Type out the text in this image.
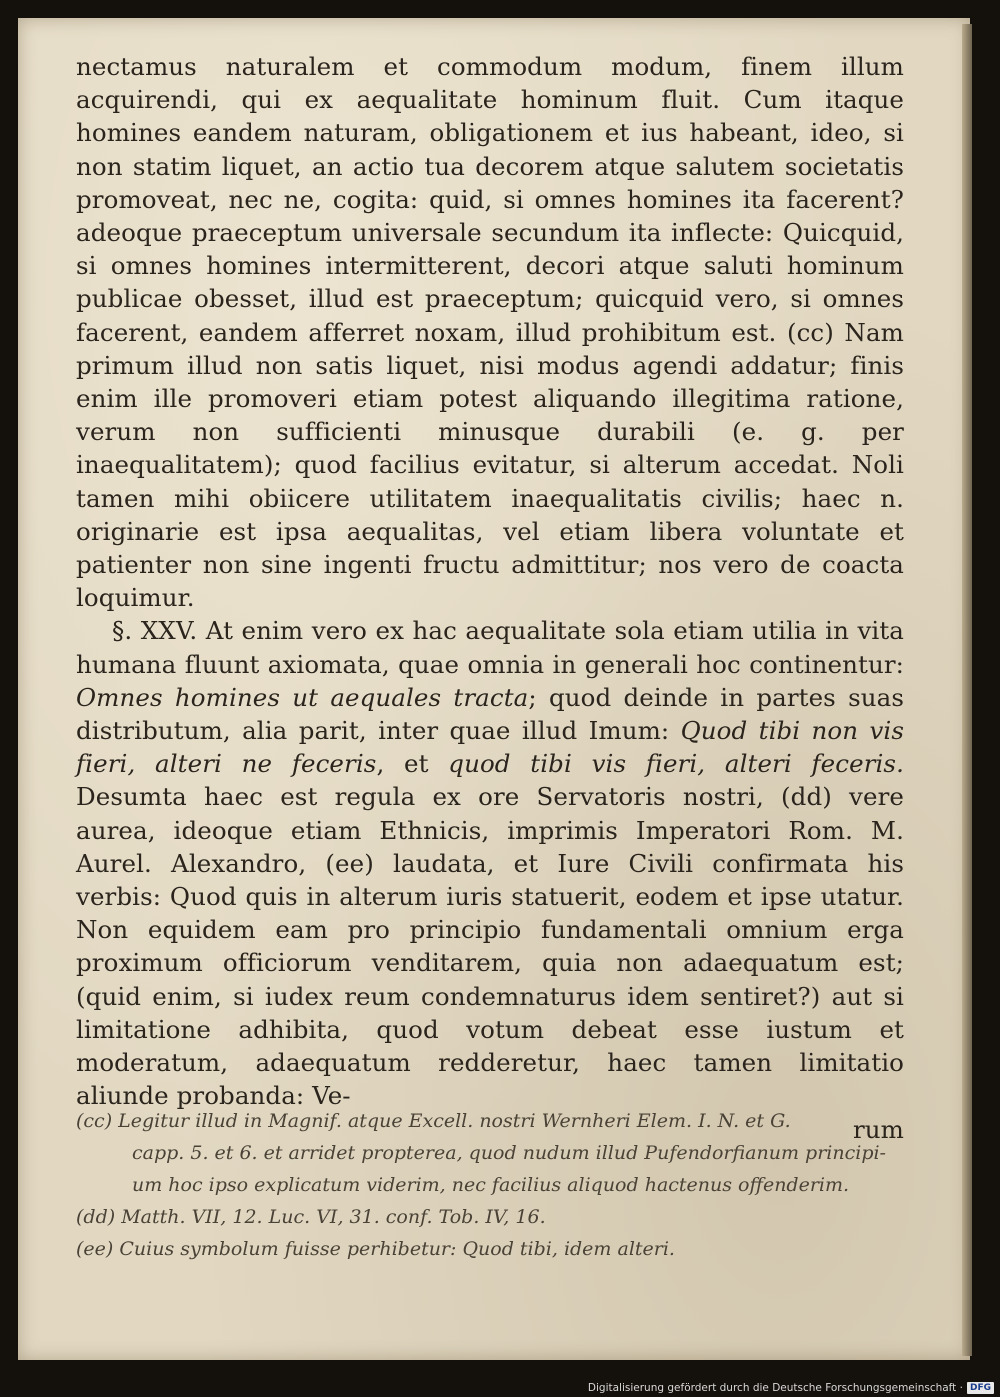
nectamus naturalem et commodum modum, finem illum acquirendi, qui ex aequalitate hominum fluit. Cum itaque homines eandem naturam, obligationem et ius habeant, ideo, si non statim liquet, an actio tua decorem atque salutem societatis promoveat, nec ne, cogita: quid, si omnes homines ita facerent? adeoque praeceptum universale secundum ita inflecte: Quicquid, si omnes homines intermitterent, decori atque saluti hominum publicae obesset, illud est praeceptum; quicquid vero, si omnes facerent, eandem afferret noxam, illud prohibitum est. (cc) Nam primum illud non satis liquet, nisi modus agendi addatur; finis enim ille promoveri etiam potest aliquando illegitima ratione, verum non sufficienti minusque durabili (e. g. per inaequalitatem); quod facilius evitatur, si alterum accedat. Noli tamen mihi obiicere utilitatem inaequalitatis civilis; haec n. originarie est ipsa aequalitas, vel etiam libera voluntate et patienter non sine ingenti fructu admittitur; nos vero de coacta loquimur.

§. XXV. At enim vero ex hac aequalitate sola etiam utilia in vita humana fluunt axiomata, quae omnia in generali hoc continentur: Omnes homines ut aequales tracta; quod deinde in partes suas distributum, alia parit, inter quae illud Imum: Quod tibi non vis fieri, alteri ne feceris, et quod tibi vis fieri, alteri feceris. Desumta haec est regula ex ore Servatoris nostri, (dd) vere aurea, ideoque etiam Ethnicis, imprimis Imperatori Rom. M. Aurel. Alexandro, (ee) laudata, et Iure Civili confirmata his verbis: Quod quis in alterum iuris statuerit, eodem et ipse utatur. Non equidem eam pro principio fundamentali omnium erga proximum officiorum venditarem, quia non adaequatum est; (quid enim, si iudex reum condemnaturus idem sentiret?) aut si limitatione adhibita, quod votum debeat esse iustum et moderatum, adaequatum redderetur, haec tamen limitatio aliunde probanda: Ve-

rum

(cc) Legitur illud in Magnif. atque Excell. nostri Wernheri Elem. I. N. et G.
capp. 5. et 6. et arridet propterea, quod nudum illud Pufendorfianum principi-
um hoc ipso explicatum viderim, nec facilius aliquod hactenus offenderim.

(dd) Matth. VII, 12. Luc. VI, 31. conf. Tob. IV, 16.

(ee) Cuius symbolum fuisse perhibetur: Quod tibi, idem alteri.

Digitalisierung gefördert durch die Deutsche Forschungsgemeinschaft · DFG
